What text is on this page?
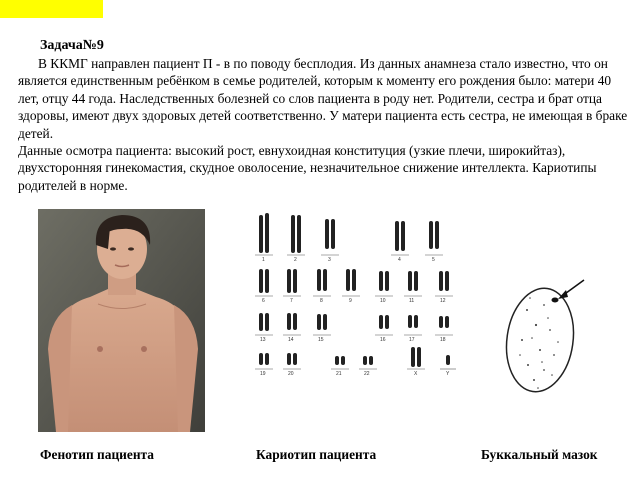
Задача№9

В ККМГ направлен пациент П - в по поводу бесплодия. Из данных анамнеза стало известно, что он является единственным ребёнком в семье родителей, которым к моменту его рождения было: матери 40 лет, отцу 44 года. Наследственных болезней со слов пациента в роду нет. Родители, сестра и брат отца здоровы, имеют двух здоровых детей соответственно. У матери пациента есть сестра, не имеющая в браке детей.

Данные осмотра пациента: высокий рост, евнухоидная конституция (узкие плечи, широкийтаз), двухсторонняя гинекомастия, скудное оволосение, незначительное снижение интеллекта. Кариотипы родителей в норме.

1	2	3	4	5
6	7	8	9	10	11	12
13	14	15	16	17	18
19	20	21	22	X	Y
Фенотип пациента	Кариотип пациента	Буккальный мазок
